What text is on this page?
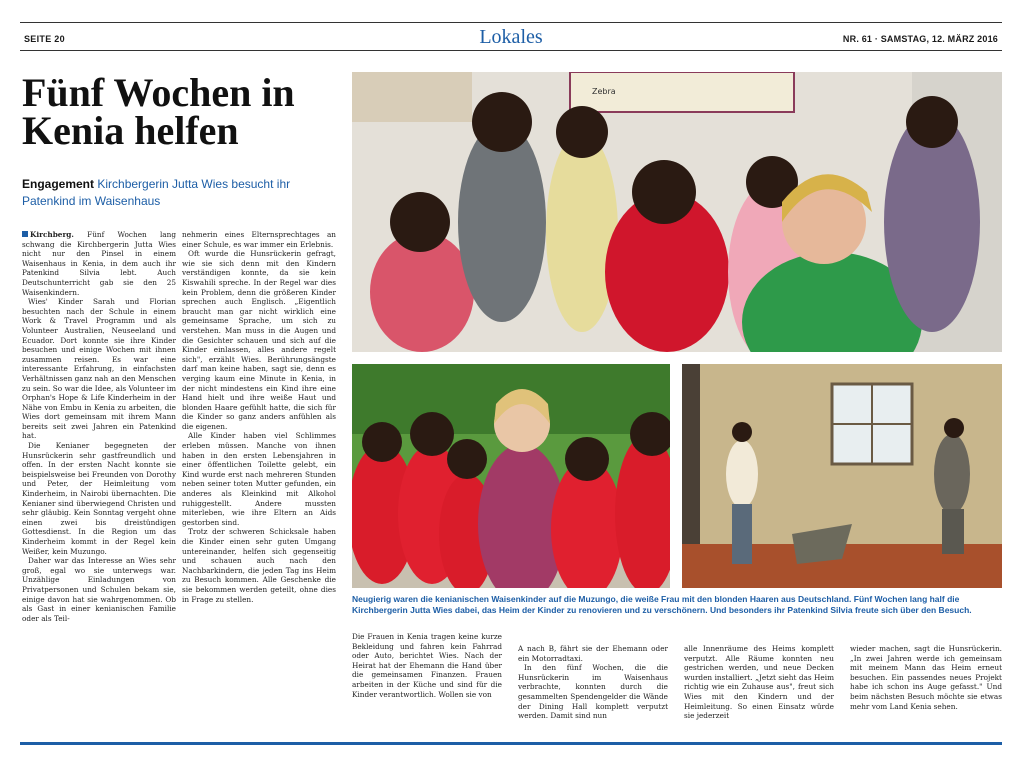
SEITE 20	Lokales	NR. 61 · SAMSTAG, 12. MÄRZ 2016
Fünf Wochen in Kenia helfen
Engagement Kirchbergerin Jutta Wies besucht ihr Patenkind im Waisenhaus

Kirchberg. Fünf Wochen lang schwang die Kirchbergerin Jutta Wies nicht nur den Pinsel in einem Waisenhaus in Kenia, in dem auch ihr Patenkind Silvia lebt. Auch Deutschunterricht gab sie den 25 Waisenkindern.

Wies' Kinder Sarah und Florian besuchten nach der Schule in einem Work & Travel Programm und als Volunteer Australien, Neuseeland und Ecuador. Dort konnte sie ihre Kinder besuchen und einige Wochen mit ihnen zusammen reisen. Es war eine interessante Erfahrung, in einfachsten Verhältnissen ganz nah an den Menschen zu sein. So war die Idee, als Volunteer im Orphan's Hope & Life Kinderheim in der Nähe von Embu in Kenia zu arbeiten, die Wies dort gemeinsam mit ihrem Mann bereits seit zwei Jahren ein Patenkind hat.

Die Kenianer begegneten der Hunsrückerin sehr gastfreundlich und offen. In der ersten Nacht konnte sie beispielsweise bei Freunden von Dorothy und Peter, der Heimleitung vom Kinderheim, in Nairobi übernachten. Die Kenianer sind überwiegend Christen und sehr gläubig. Kein Sonntag vergeht ohne einen zwei bis dreistündigen Gottesdienst. In die Region um das Kinderheim kommt in der Regel kein Weißer, kein Muzungo.

Daher war das Interesse an Wies sehr groß, egal wo sie unterwegs war. Unzählige Einladungen von Privatpersonen und Schulen bekam sie, einige davon hat sie wahrgenommen. Ob als Gast in einer kenianischen Familie oder als Teil-

nehmerin eines Elternsprechtages an einer Schule, es war immer ein Erlebnis.

Oft wurde die Hunsrückerin gefragt, wie sie sich denn mit den Kindern verständigen konnte, da sie kein Kiswahili spreche. In der Regel war dies kein Problem, denn die größeren Kinder sprechen auch Englisch. „Eigentlich braucht man gar nicht wirklich eine gemeinsame Sprache, um sich zu verstehen. Man muss in die Augen und die Gesichter schauen und sich auf die Kinder einlassen, alles andere regelt sich", erzählt Wies. Berührungsängste darf man keine haben, sagt sie, denn es verging kaum eine Minute in Kenia, in der nicht mindestens ein Kind ihre eine Hand hielt und ihre weiße Haut und blonden Haare gefühlt hatte, die sich für die Kinder so ganz anders anfühlen als die eigenen.

Alle Kinder haben viel Schlimmes erleben müssen. Manche von ihnen haben in den ersten Lebensjahren in einer öffentlichen Toilette gelebt, ein Kind wurde erst nach mehreren Stunden neben seiner toten Mutter gefunden, ein anderes als Kleinkind mit Alkohol ruhiggestellt. Andere mussten miterleben, wie ihre Eltern an Aids gestorben sind.

Trotz der schweren Schicksale haben die Kinder einen sehr guten Umgang untereinander, helfen sich gegenseitig und schauen auch nach den Nachbarkindern, die jeden Tag ins Heim zu Besuch kommen. Alle Geschenke die sie bekommen werden geteilt, ohne dies in Frage zu stellen.

Zebra
Neugierig waren die kenianischen Waisenkinder auf die Muzungo, die weiße Frau mit den blonden Haaren aus Deutschland. Fünf Wochen lang half die Kirchbergerin Jutta Wies dabei, das Heim der Kinder zu renovieren und zu verschönern. Und besonders ihr Patenkind Silvia freute sich über den Besuch.

Die Frauen in Kenia tragen keine kurze Bekleidung und fahren kein Fahrrad oder Auto, berichtet Wies. Nach der Heirat hat der Ehemann die Hand über die gemeinsamen Finanzen. Frauen arbeiten in der Küche und sind für die Kinder verantwortlich. Wollen sie von

A nach B, fährt sie der Ehemann oder ein Motorradtaxi.

In den fünf Wochen, die die Hunsrückerin im Waisenhaus verbrachte, konnten durch die gesammelten Spendengelder die Wände der Dining Hall komplett verputzt werden. Damit sind nun

alle Innenräume des Heims komplett verputzt. Alle Räume konnten neu gestrichen werden, und neue Decken wurden installiert. „Jetzt sieht das Heim richtig wie ein Zuhause aus", freut sich Wies mit den Kindern und der Heimleitung. So einen Einsatz würde sie jederzeit

wieder machen, sagt die Hunsrückerin. „In zwei Jahren werde ich gemeinsam mit meinem Mann das Heim erneut besuchen. Ein passendes neues Projekt habe ich schon ins Auge gefasst." Und beim nächsten Besuch möchte sie etwas mehr vom Land Kenia sehen.
